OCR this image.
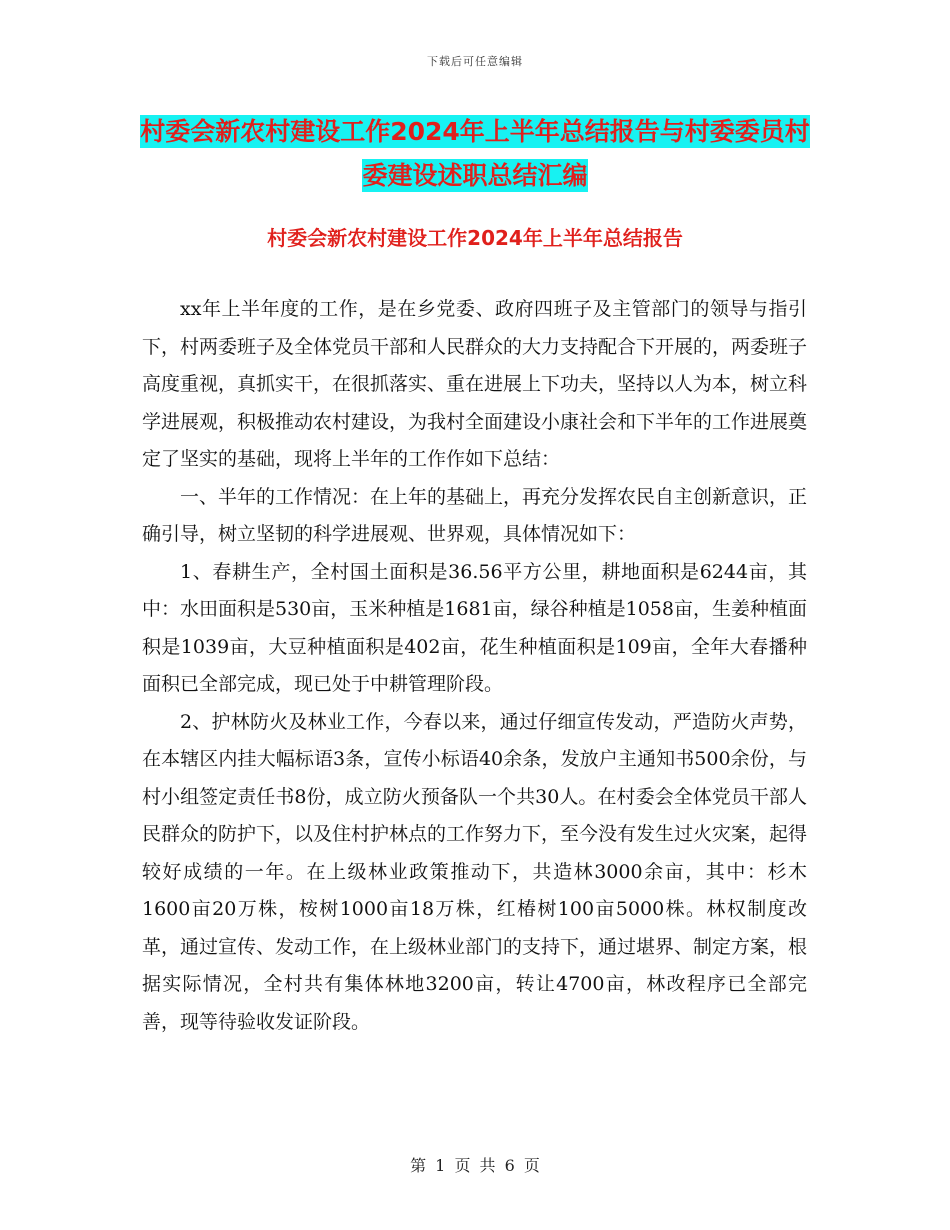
下载后可任意编辑
村委会新农村建设工作2024年上半年总结报告与村委委员村委建设述职总结汇编
村委会新农村建设工作2024年上半年总结报告

xx年上半年度的工作，是在乡党委、政府四班子及主管部门的领导与指引下，村两委班子及全体党员干部和人民群众的大力支持配合下开展的，两委班子高度重视，真抓实干，在很抓落实、重在进展上下功夫，坚持以人为本，树立科学进展观，积极推动农村建设，为我村全面建设小康社会和下半年的工作进展奠定了坚实的基础，现将上半年的工作作如下总结：

一、半年的工作情况：在上年的基础上，再充分发挥农民自主创新意识，正确引导，树立坚韧的科学进展观、世界观，具体情况如下：

1、春耕生产，全村国土面积是36.56平方公里，耕地面积是6244亩，其中：水田面积是530亩，玉米种植是1681亩，绿谷种植是1058亩，生姜种植面积是1039亩，大豆种植面积是402亩，花生种植面积是109亩，全年大春播种面积已全部完成，现已处于中耕管理阶段。

2、护林防火及林业工作，今春以来，通过仔细宣传发动，严造防火声势，在本辖区内挂大幅标语3条，宣传小标语40余条，发放户主通知书500余份，与村小组签定责任书8份，成立防火预备队一个共30人。在村委会全体党员干部人民群众的防护下，以及住村护林点的工作努力下，至今没有发生过火灾案，起得较好成绩的一年。在上级林业政策推动下，共造林3000余亩，其中：杉木1600亩20万株，桉树1000亩18万株，红椿树100亩5000株。林权制度改革，通过宣传、发动工作，在上级林业部门的支持下，通过堪界、制定方案，根据实际情况，全村共有集体林地3200亩，转让4700亩，林改程序已全部完善，现等待验收发证阶段。

第 1 页 共 6 页
